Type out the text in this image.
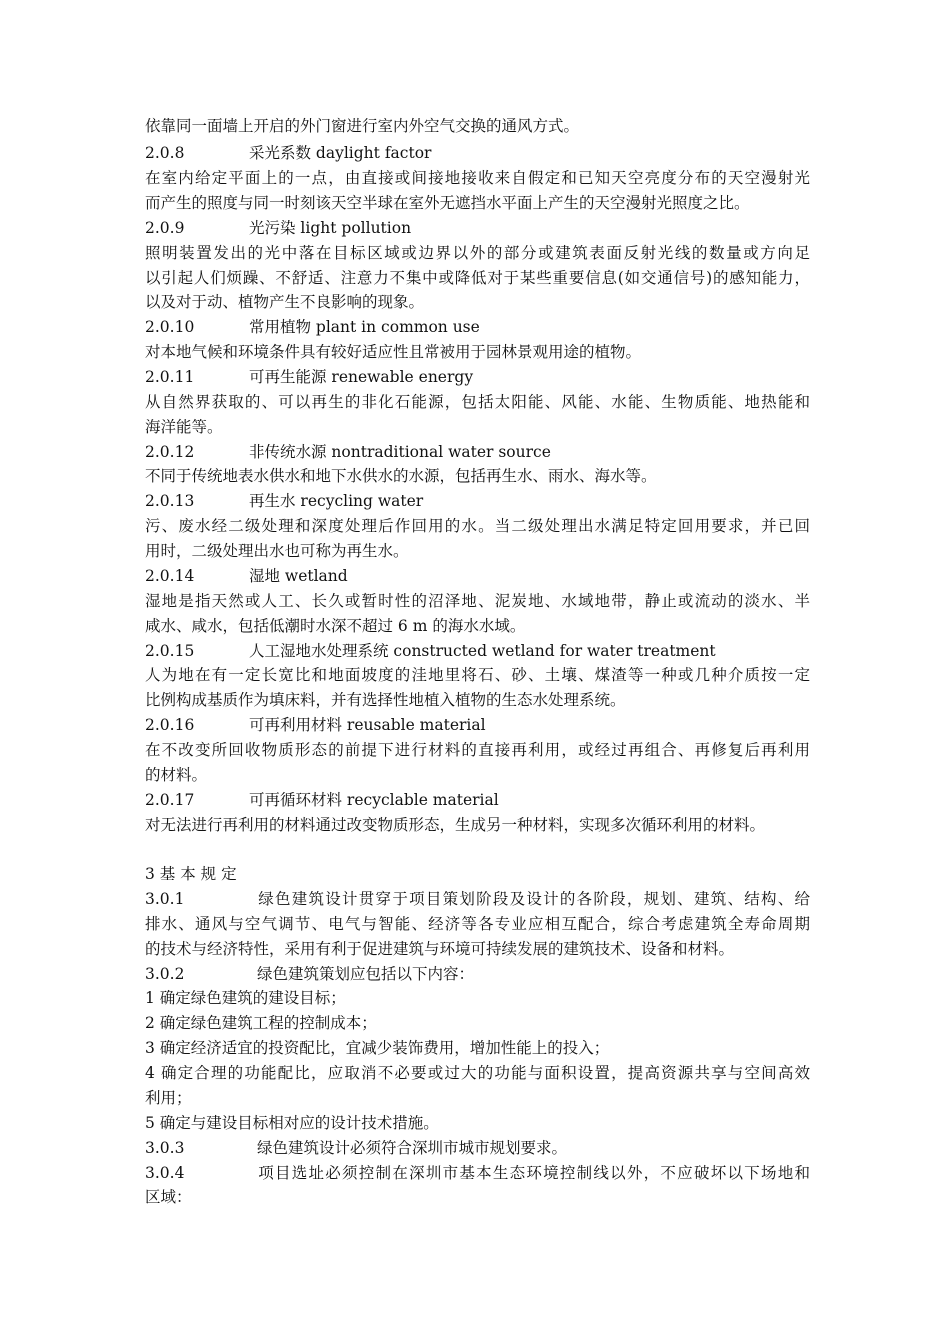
依靠同一面墙上开启的外门窗进行室内外空气交换的通风方式。
2.0.8	采光系数 daylight factor
在室内给定平面上的一点，由直接或间接地接收来自假定和已知天空亮度分布的天空漫射光
而产生的照度与同一时刻该天空半球在室外无遮挡水平面上产生的天空漫射光照度之比。
2.0.9	光污染 light pollution
照明装置发出的光中落在目标区域或边界以外的部分或建筑表面反射光线的数量或方向足
以引起人们烦躁、不舒适、注意力不集中或降低对于某些重要信息(如交通信号)的感知能力，
以及对于动、植物产生不良影响的现象。
2.0.10	常用植物 plant in common use
对本地气候和环境条件具有较好适应性且常被用于园林景观用途的植物。
2.0.11	可再生能源 renewable energy
从自然界获取的、可以再生的非化石能源，包括太阳能、风能、水能、生物质能、地热能和
海洋能等。
2.0.12	非传统水源 nontraditional water source
不同于传统地表水供水和地下水供水的水源，包括再生水、雨水、海水等。
2.0.13	再生水 recycling water
污、废水经二级处理和深度处理后作回用的水。当二级处理出水满足特定回用要求，并已回
用时，二级处理出水也可称为再生水。
2.0.14	湿地 wetland
湿地是指天然或人工、长久或暂时性的沼泽地、泥炭地、水域地带，静止或流动的淡水、半
咸水、咸水，包括低潮时水深不超过 6 m 的海水水域。
2.0.15	人工湿地水处理系统 constructed wetland for water treatment
人为地在有一定长宽比和地面坡度的洼地里将石、砂、土壤、煤渣等一种或几种介质按一定
比例构成基质作为填床料，并有选择性地植入植物的生态水处理系统。
2.0.16	可再利用材料 reusable material
在不改变所回收物质形态的前提下进行材料的直接再利用，或经过再组合、再修复后再利用
的材料。
2.0.17	可再循环材料 recyclable material
对无法进行再利用的材料通过改变物质形态，生成另一种材料，实现多次循环利用的材料。
3 基 本 规 定
3.0.1	绿色建筑设计贯穿于项目策划阶段及设计的各阶段，规划、建筑、结构、给
排水、通风与空气调节、电气与智能、经济等各专业应相互配合，综合考虑建筑全寿命周期
的技术与经济特性，采用有利于促进建筑与环境可持续发展的建筑技术、设备和材料。
3.0.2	绿色建筑策划应包括以下内容：
1 确定绿色建筑的建设目标；
2 确定绿色建筑工程的控制成本；
3 确定经济适宜的投资配比，宜减少装饰费用，增加性能上的投入；
4 确定合理的功能配比，应取消不必要或过大的功能与面积设置，提高资源共享与空间高效
利用；
5 确定与建设目标相对应的设计技术措施。
3.0.3	绿色建筑设计必须符合深圳市城市规划要求。
3.0.4	项目选址必须控制在深圳市基本生态环境控制线以外，不应破坏以下场地和
区域：
